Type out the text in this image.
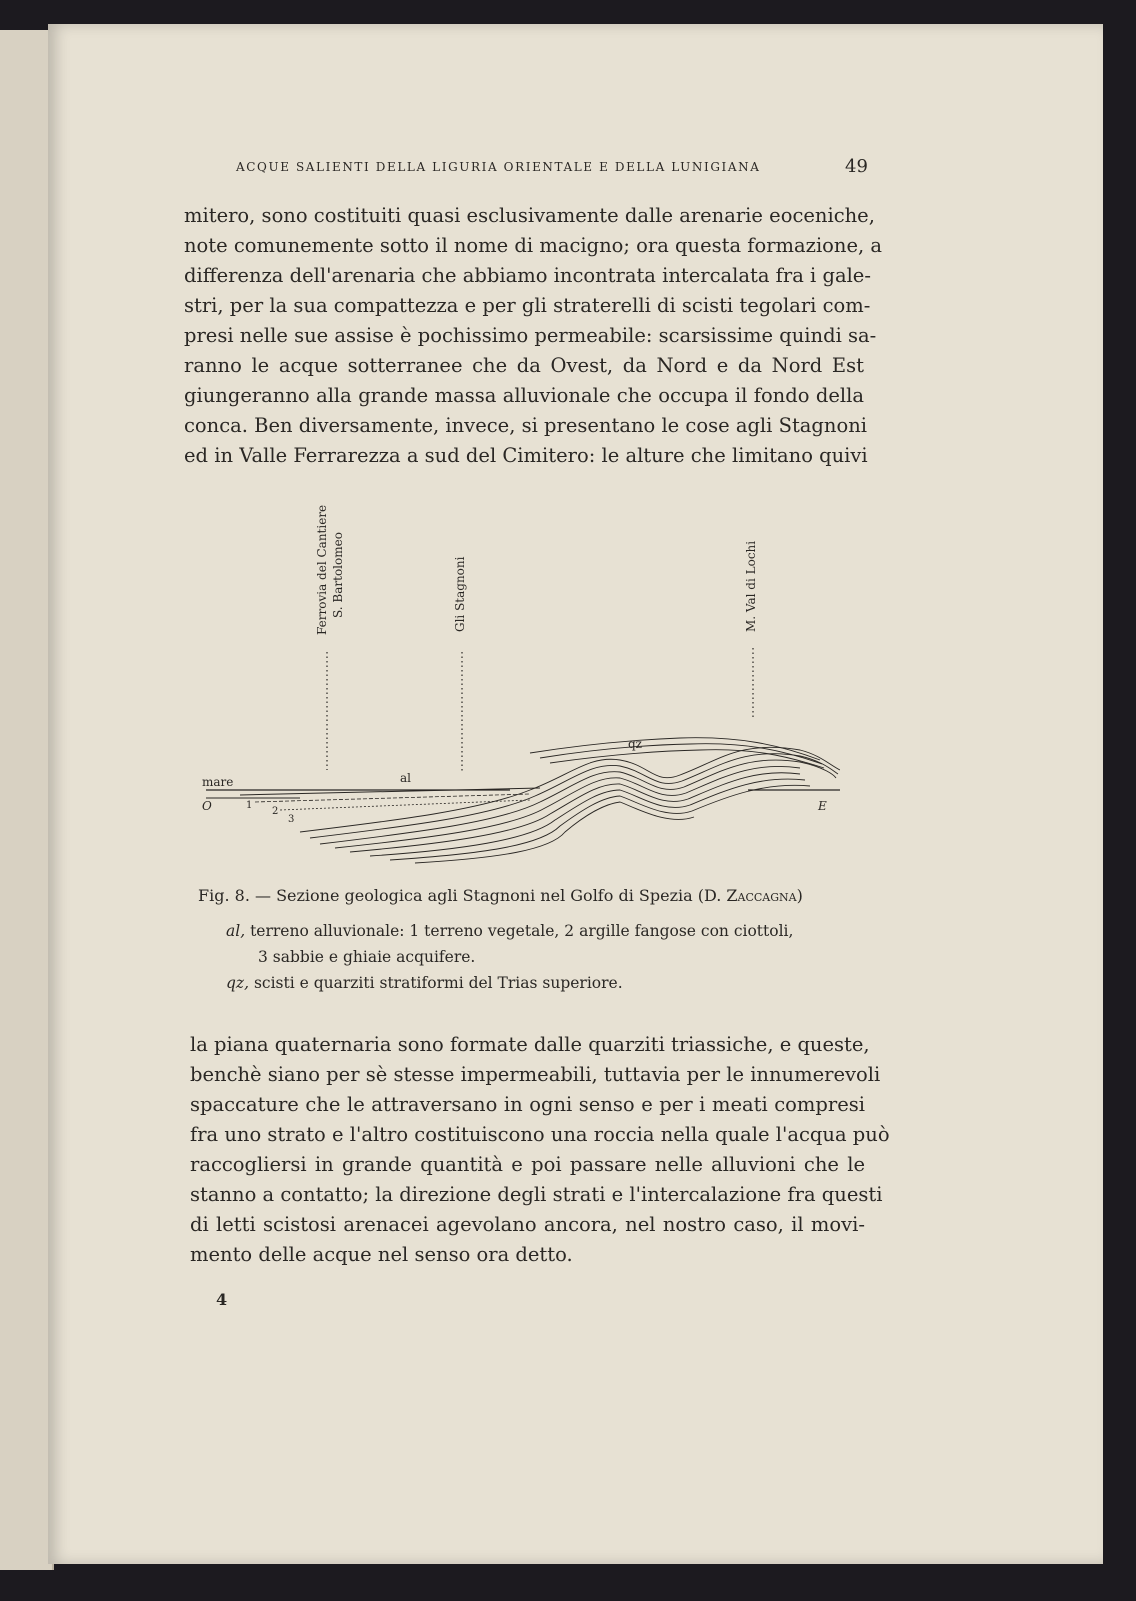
ACQUE SALIENTI DELLA LIGURIA ORIENTALE E DELLA LUNIGIANA	49
mitero, sono costituiti quasi esclusivamente dalle arenarie eoceniche,
note comunemente sotto il nome di macigno; ora questa formazione, a
differenza dell'arenaria che abbiamo incontrata intercalata fra i gale-
stri, per la sua compattezza e per gli straterelli di scisti tegolari com-
presi nelle sue assise è pochissimo permeabile: scarsissime quindi sa-
ranno le acque sotterranee che da Ovest, da Nord e da Nord Est
giungeranno alla grande massa alluvionale che occupa il fondo della
conca. Ben diversamente, invece, si presentano le cose agli Stagnoni
ed in Valle Ferrarezza a sud del Cimitero: le alture che limitano quivi
Ferrovia del Cantiere S. Bartolomeo	Gli Stagnoni	M. Val di Lochi
mare
O	E
al
qz
1
2
3
Fig. 8. — Sezione geologica agli Stagnoni nel Golfo di Spezia (D. Zaccagna)
al, terreno alluvionale: 1 terreno vegetale, 2 argille fangose con ciottoli,
3 sabbie e ghiaie acquifere.
qz, scisti e quarziti stratiformi del Trias superiore.
la piana quaternaria sono formate dalle quarziti triassiche, e queste,
benchè siano per sè stesse impermeabili, tuttavia per le innumerevoli
spaccature che le attraversano in ogni senso e per i meati compresi
fra uno strato e l'altro costituiscono una roccia nella quale l'acqua può
raccogliersi in grande quantità e poi passare nelle alluvioni che le
stanno a contatto; la direzione degli strati e l'intercalazione fra questi
di letti scistosi arenacei agevolano ancora, nel nostro caso, il movi-
mento delle acque nel senso ora detto.
4
